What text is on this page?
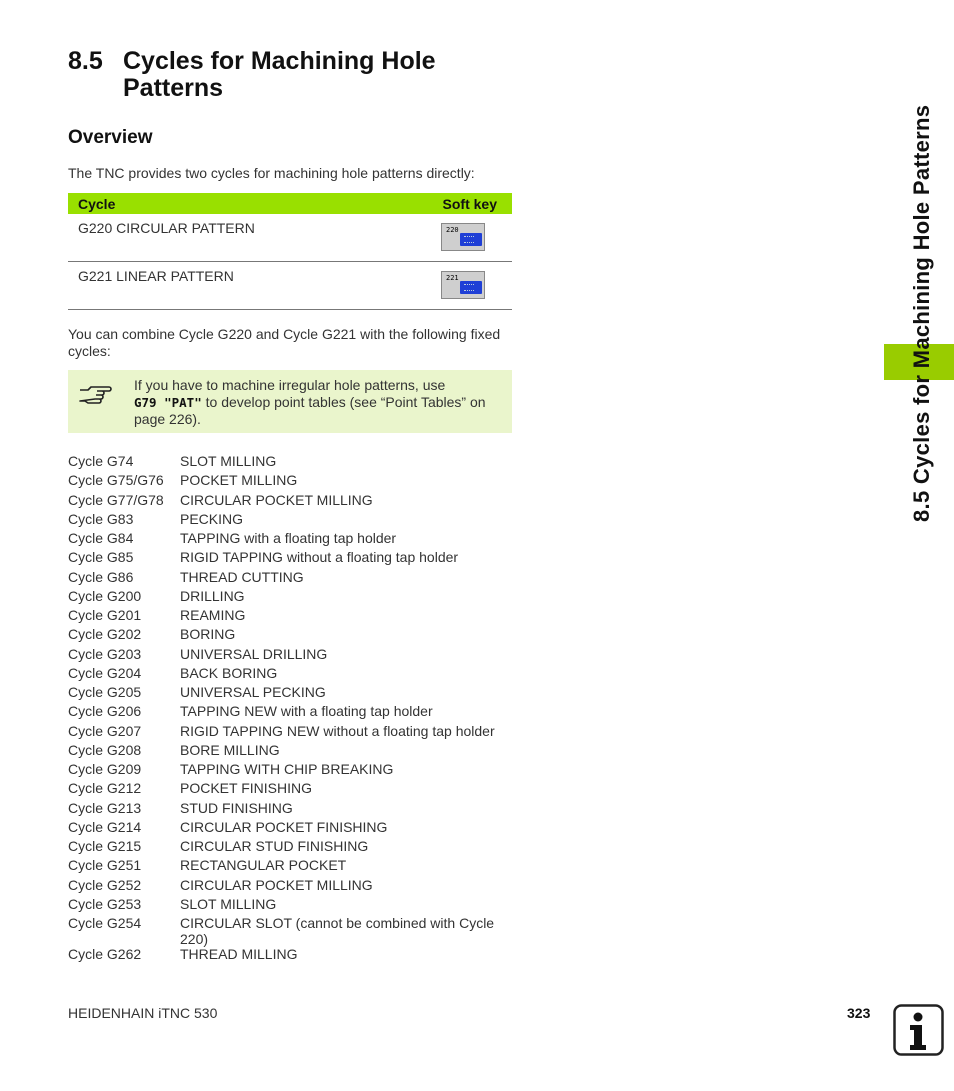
8.5 Cycles for Machining Hole Patterns
Overview
The TNC provides two cycles for machining hole patterns directly:
Cycle	Soft key
G220 CIRCULAR PATTERN	220
G221 LINEAR PATTERN	221
You can combine Cycle G220 and Cycle G221 with the following fixed cycles:
If you have to machine irregular hole patterns, use
G79 "PAT" to develop point tables (see “Point Tables” on page 226).
Cycle G74	SLOT MILLING
Cycle G75/G76 POCKET MILLING
Cycle G77/G78 CIRCULAR POCKET MILLING
Cycle G83	PECKING
Cycle G84	TAPPING with a floating tap holder
Cycle G85	RIGID TAPPING without a floating tap holder
Cycle G86	THREAD CUTTING
Cycle G200	DRILLING
Cycle G201	REAMING
Cycle G202	BORING
Cycle G203	UNIVERSAL DRILLING
Cycle G204	BACK BORING
Cycle G205	UNIVERSAL PECKING
Cycle G206	TAPPING NEW with a floating tap holder
Cycle G207	RIGID TAPPING NEW without a floating tap holder
Cycle G208	BORE MILLING
Cycle G209	TAPPING WITH CHIP BREAKING
Cycle G212	POCKET FINISHING
Cycle G213	STUD FINISHING
Cycle G214	CIRCULAR POCKET FINISHING
Cycle G215	CIRCULAR STUD FINISHING
Cycle G251	RECTANGULAR POCKET
Cycle G252	CIRCULAR POCKET MILLING
Cycle G253	SLOT MILLING
Cycle G254	CIRCULAR SLOT (cannot be combined with Cycle 220)
Cycle G262	THREAD MILLING
8.5 Cycles for Machining Hole Patterns
HEIDENHAIN iTNC 530	323
